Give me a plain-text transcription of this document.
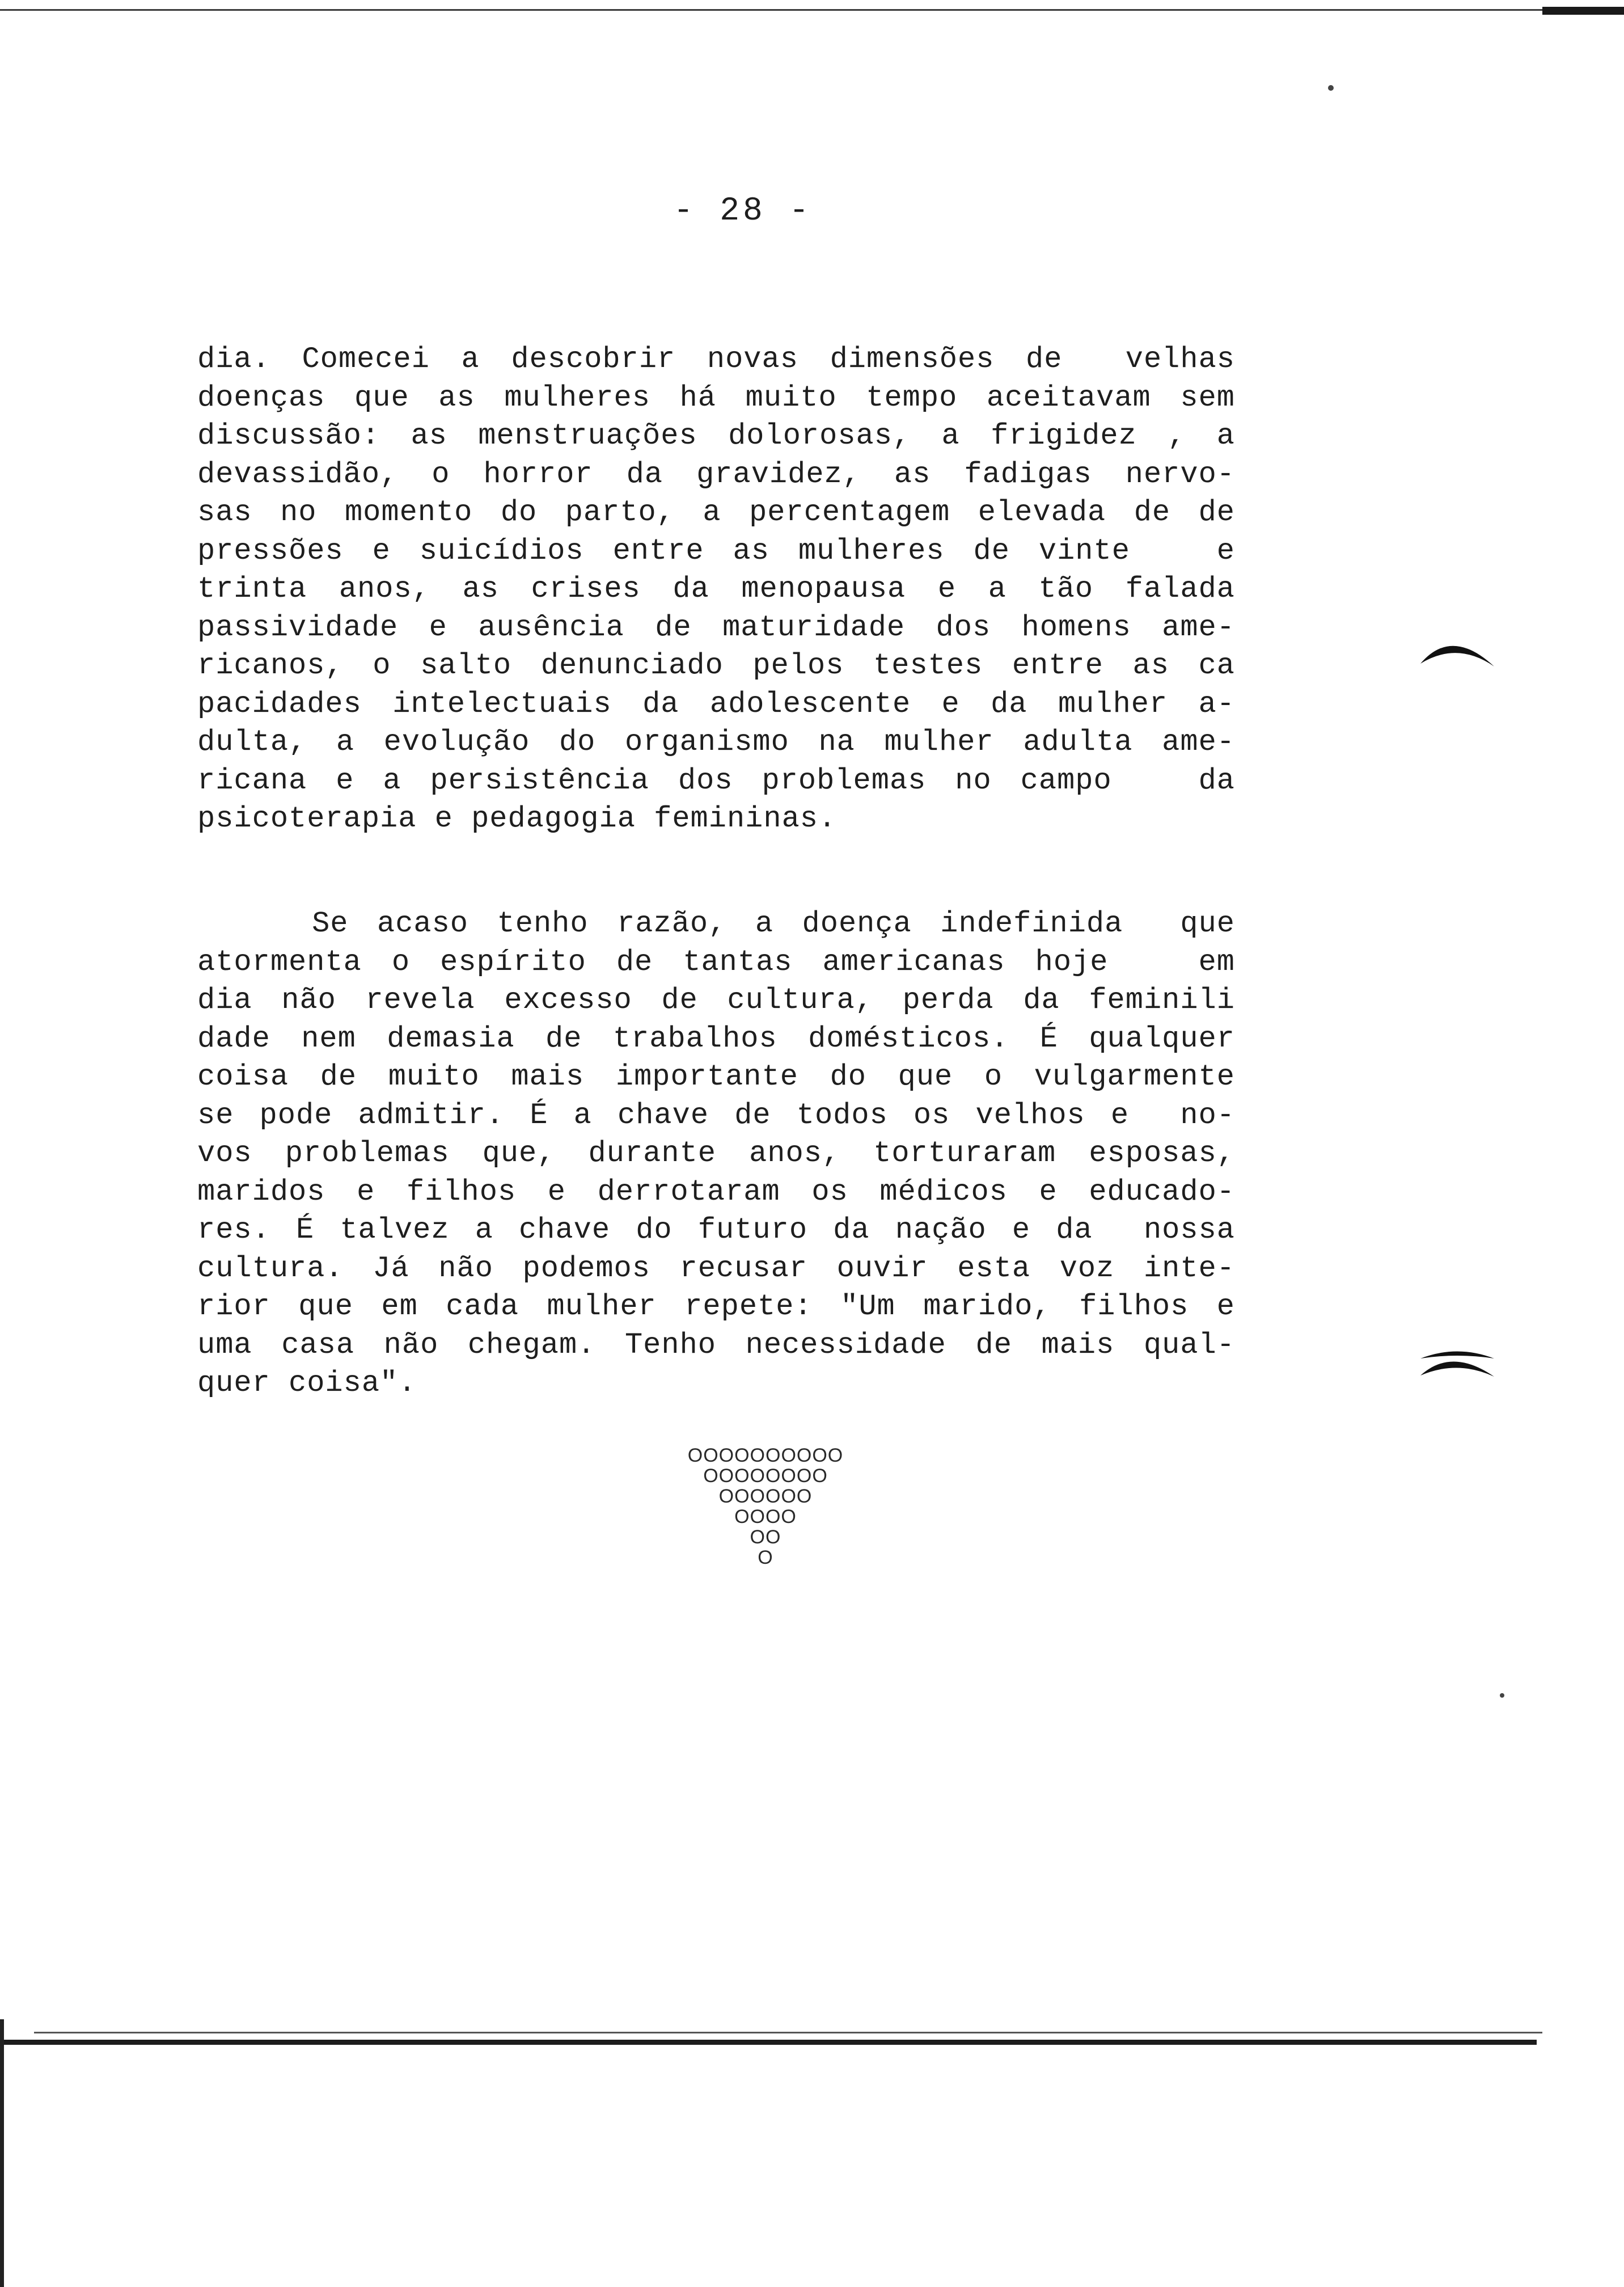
- 28 -

dia. Comecei a descobrir novas dimensões de  velhas
doenças que as mulheres há muito tempo aceitavam sem
discussão: as menstruações dolorosas, a frigidez , a
devassidão, o horror da gravidez, as fadigas nervo-
sas no momento do parto, a percentagem elevada de de
pressões e suicídios entre as mulheres de vinte   e
trinta anos, as crises da menopausa e a tão falada
passividade e ausência de maturidade dos homens ame-
ricanos, o salto denunciado pelos testes entre as ca
pacidades intelectuais da adolescente e da mulher a-
dulta, a evolução do organismo na mulher adulta ame-
ricana e a persistência dos problemas no campo   da
psicoterapia e pedagogia femininas.

Se acaso tenho razão, a doença indefinida  que
atormenta o espírito de tantas americanas hoje   em
dia não revela excesso de cultura, perda da feminili
dade nem demasia de trabalhos domésticos. É qualquer
coisa de muito mais importante do que o vulgarmente
se pode admitir. É a chave de todos os velhos e  no-
vos problemas que, durante anos, torturaram esposas,
maridos e filhos e derrotaram os médicos e educado-
res. É talvez a chave do futuro da nação e da  nossa
cultura. Já não podemos recusar ouvir esta voz inte-
rior que em cada mulher repete: "Um marido, filhos e
uma casa não chegam. Tenho necessidade de mais qual-
quer coisa".

OOOOOOOOOO
OOOOOOOO
OOOOOO
OOOO
OO
O
